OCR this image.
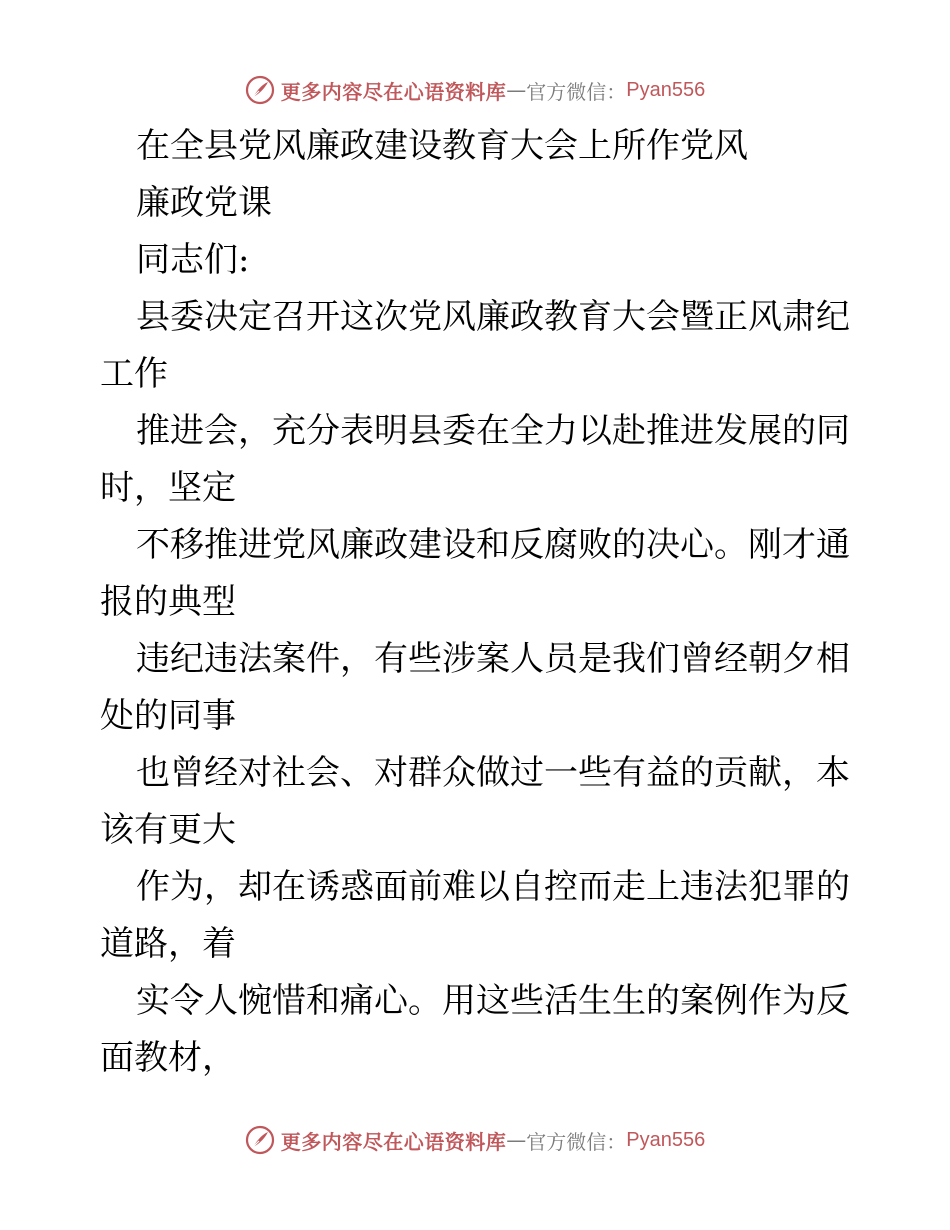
更多内容尽在心语资料库 — 官方微信： Pyan556
在全县党风廉政建设教育大会上所作党风
廉政党课
同志们:
县委决定召开这次党风廉政教育大会暨正风肃纪
工作
推进会，充分表明县委在全力以赴推进发展的同
时，坚定
不移推进党风廉政建设和反腐败的决心。刚才通
报的典型
违纪违法案件，有些涉案人员是我们曾经朝夕相
处的同事
也曾经对社会、对群众做过一些有益的贡献，本
该有更大
作为，却在诱惑面前难以自控而走上违法犯罪的
道路，着
实令人惋惜和痛心。用这些活生生的案例作为反
面教材，
更多内容尽在心语资料库 — 官方微信： Pyan556
